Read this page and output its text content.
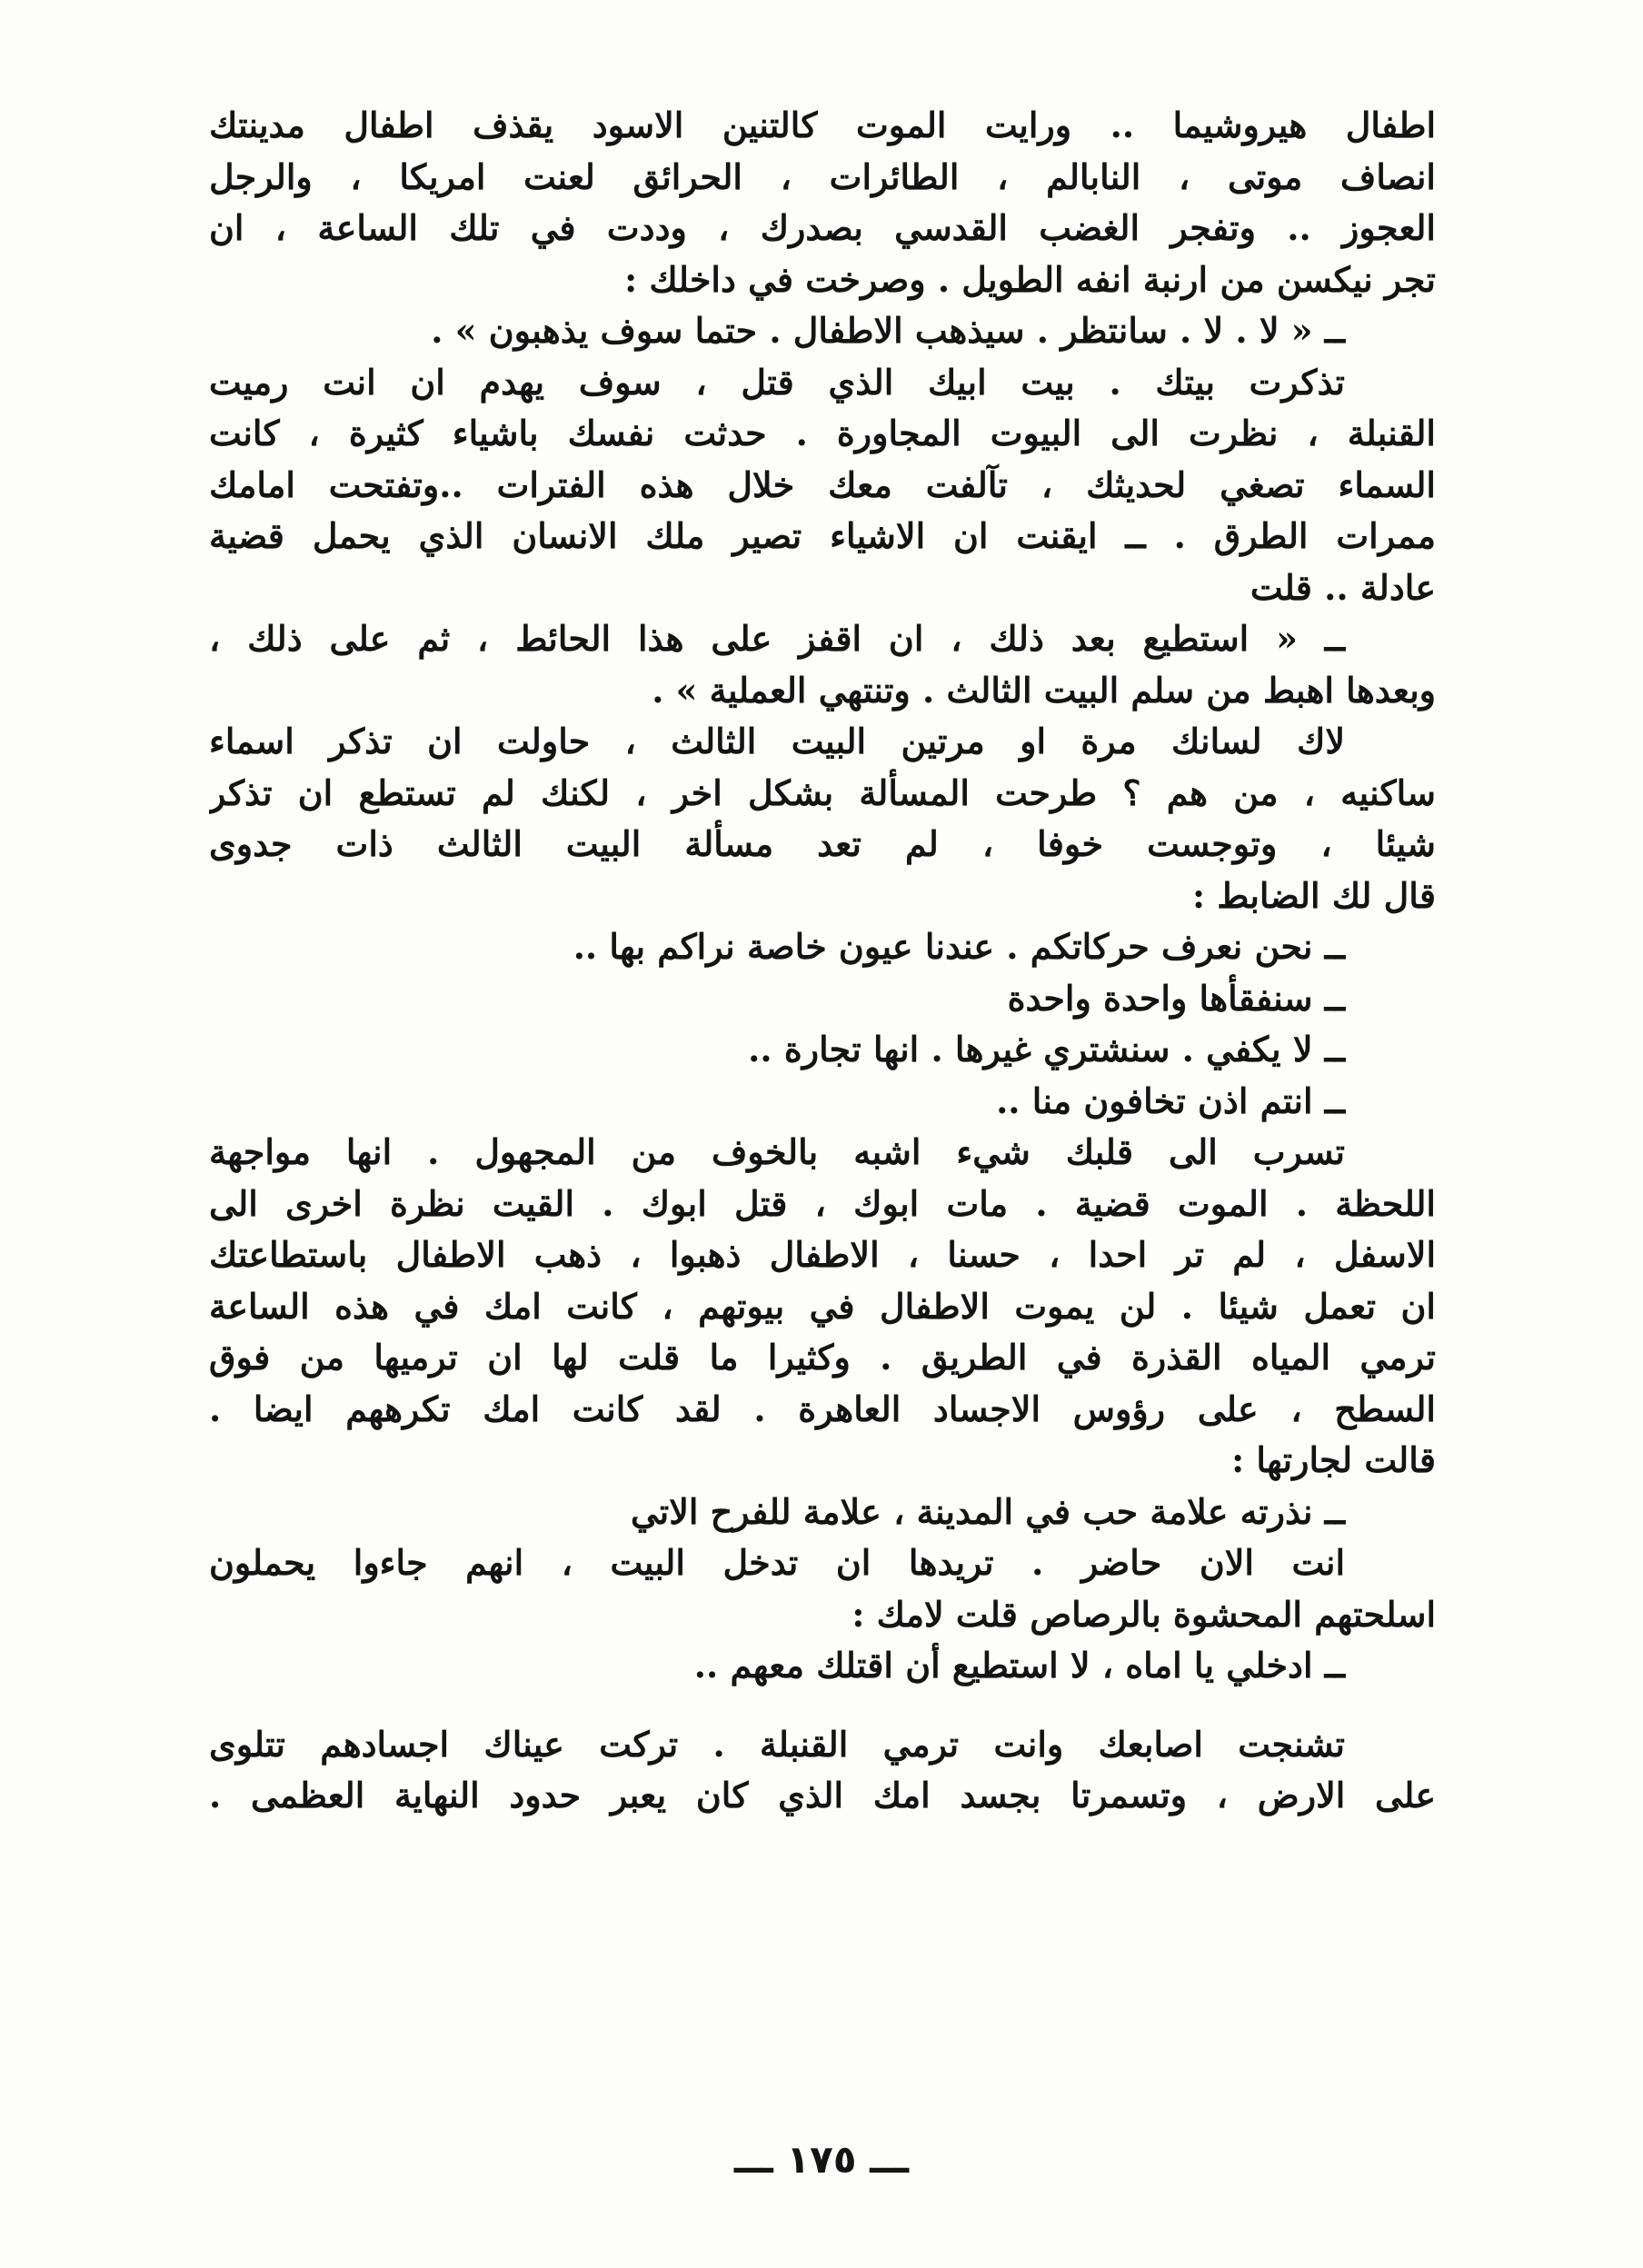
اطفال هيروشيما .. ورايت الموت كالتنين الاسود يقذف اطفال مدينتك
انصاف موتى ، النابالم ، الطائرات ، الحرائق لعنت امريكا ، والرجل
العجوز .. وتفجر الغضب القدسي بصدرك ، وددت في تلك الساعة ، ان
تجر نيكسن من ارنبة انفه الطويل . وصرخت في داخلك :
ــ « لا . لا . سانتظر . سيذهب الاطفال . حتما سوف يذهبون » .
تذكرت بيتك . بيت ابيك الذي قتل ، سوف يهدم ان انت رميت
القنبلة ، نظرت الى البيوت المجاورة . حدثت نفسك باشياء كثيرة ، كانت
السماء تصغي لحديثك ، تآلفت معك خلال هذه الفترات ..وتفتحت امامك
ممرات الطرق . ــ ايقنت ان الاشياء تصير ملك الانسان الذي يحمل قضية
عادلة .. قلت
ــ « استطيع بعد ذلك ، ان اقفز على هذا الحائط ، ثم على ذلك ،
وبعدها اهبط من سلم البيت الثالث . وتنتهي العملية » .
لاك لسانك مرة او مرتين البيت الثالث ، حاولت ان تذكر اسماء
ساكنيه ، من هم ؟ طرحت المسألة بشكل اخر ، لكنك لم تستطع ان تذكر
شيئا ، وتوجست خوفا ، لم تعد مسألة البيت الثالث ذات جدوى
قال لك الضابط :
ــ نحن نعرف حركاتكم . عندنا عيون خاصة نراكم بها ..
ــ سنفقأها واحدة واحدة
ــ لا يكفي . سنشتري غيرها . انها تجارة ..
ــ انتم اذن تخافون منا ..
تسرب الى قلبك شيء اشبه بالخوف من المجهول . انها مواجهة
اللحظة . الموت قضية . مات ابوك ، قتل ابوك . القيت نظرة اخرى الى
الاسفل ، لم تر احدا ، حسنا ، الاطفال ذهبوا ، ذهب الاطفال باستطاعتك
ان تعمل شيئا . لن يموت الاطفال في بيوتهم ، كانت امك في هذه الساعة
ترمي المياه القذرة في الطريق . وكثيرا ما قلت لها ان ترميها من فوق
السطح ، على رؤوس الاجساد العاهرة . لقد كانت امك تكرههم ايضا .
قالت لجارتها :
ــ نذرته علامة حب في المدينة ، علامة للفرح الاتي
انت الان حاضر . تريدها ان تدخل البيت ، انهم جاءوا يحملون
اسلحتهم المحشوة بالرصاص قلت لامك :
ــ ادخلي يا اماه ، لا استطيع أن اقتلك معهم ..
تشنجت اصابعك وانت ترمي القنبلة . تركت عيناك اجسادهم تتلوى
على الارض ، وتسمرتا بجسد امك الذي كان يعبر حدود النهاية العظمى .
ـــ ١٧٥ ـــ
